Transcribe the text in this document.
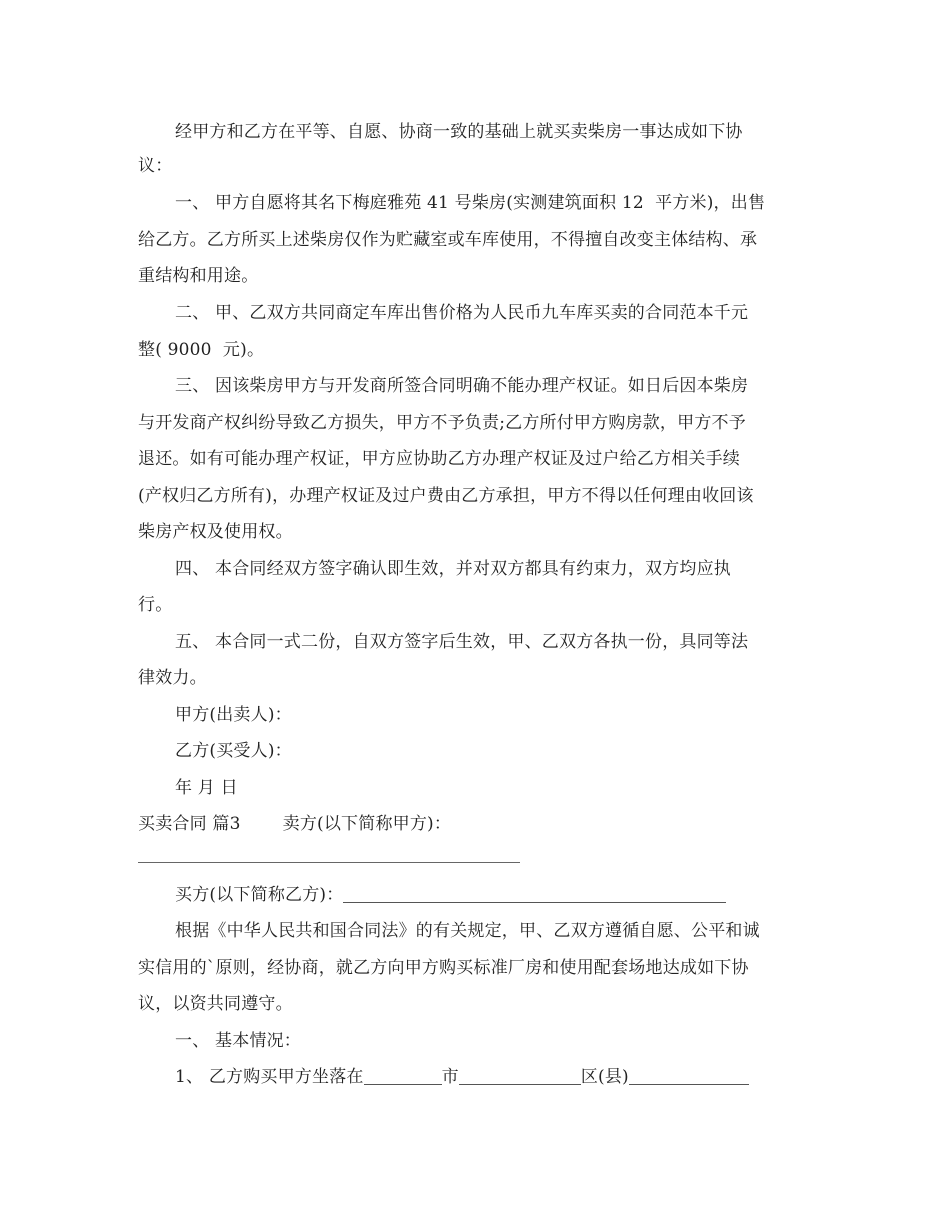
经甲方和乙方在平等、自愿、协商一致的基础上就买卖柴房一事达成如下协

议：

一、 甲方自愿将其名下梅庭雅苑 41 号柴房(实测建筑面积 12  平方米)，出售

给乙方。乙方所买上述柴房仅作为贮藏室或车库使用，不得擅自改变主体结构、承

重结构和用途。

二、 甲、乙双方共同商定车库出售价格为人民币九车库买卖的合同范本千元

整( 9000  元)。

三、 因该柴房甲方与开发商所签合同明确不能办理产权证。如日后因本柴房

与开发商产权纠纷导致乙方损失，甲方不予负责;乙方所付甲方购房款，甲方不予

退还。如有可能办理产权证，甲方应协助乙方办理产权证及过户给乙方相关手续

(产权归乙方所有)，办理产权证及过户费由乙方承担，甲方不得以任何理由收回该

柴房产权及使用权。

四、 本合同经双方签字确认即生效，并对双方都具有约束力，双方均应执

行。

五、 本合同一式二份，自双方签字后生效，甲、乙双方各执一份，具同等法

律效力。

甲方(出卖人)：

乙方(买受人)：

年 月 日

买卖合同 篇3 卖方(以下简称甲方)：

买方(以下简称乙方)：

根据《中华人民共和国合同法》的有关规定，甲、乙双方遵循自愿、公平和诚

实信用的`原则，经协商，就乙方向甲方购买标准厂房和使用配套场地达成如下协

议，以资共同遵守。

一、 基本情况：

1、 乙方购买甲方坐落在	市	区(县)
